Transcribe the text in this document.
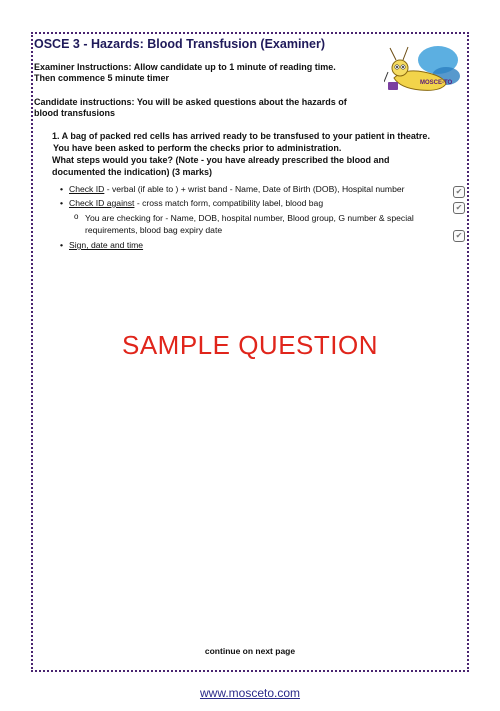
OSCE 3 - Hazards: Blood Transfusion (Examiner)
Examiner Instructions: Allow candidate up to 1 minute of reading time.
Then commence 5 minute timer
Candidate instructions: You will be asked questions about the hazards of
blood transfusions
MOSCE-TO
1. A bag of packed red cells has arrived ready to be transfused to your patient in theatre.
You have been asked to perform the checks prior to administration.
What steps would you take? (Note - you have already prescribed the blood and
documented the indication) (3 marks)
• Check ID - verbal (if able to ) + wrist band - Name, Date of Birth (DOB), Hospital number
• Check ID against - cross match form, compatibility label, blood bag
o You are checking for - Name, DOB, hospital number, Blood group, G number & special
requirements, blood bag expiry date
• Sign, date and time
✔
✔
✔
SAMPLE QUESTION
continue on next page
www.mosceto.com
